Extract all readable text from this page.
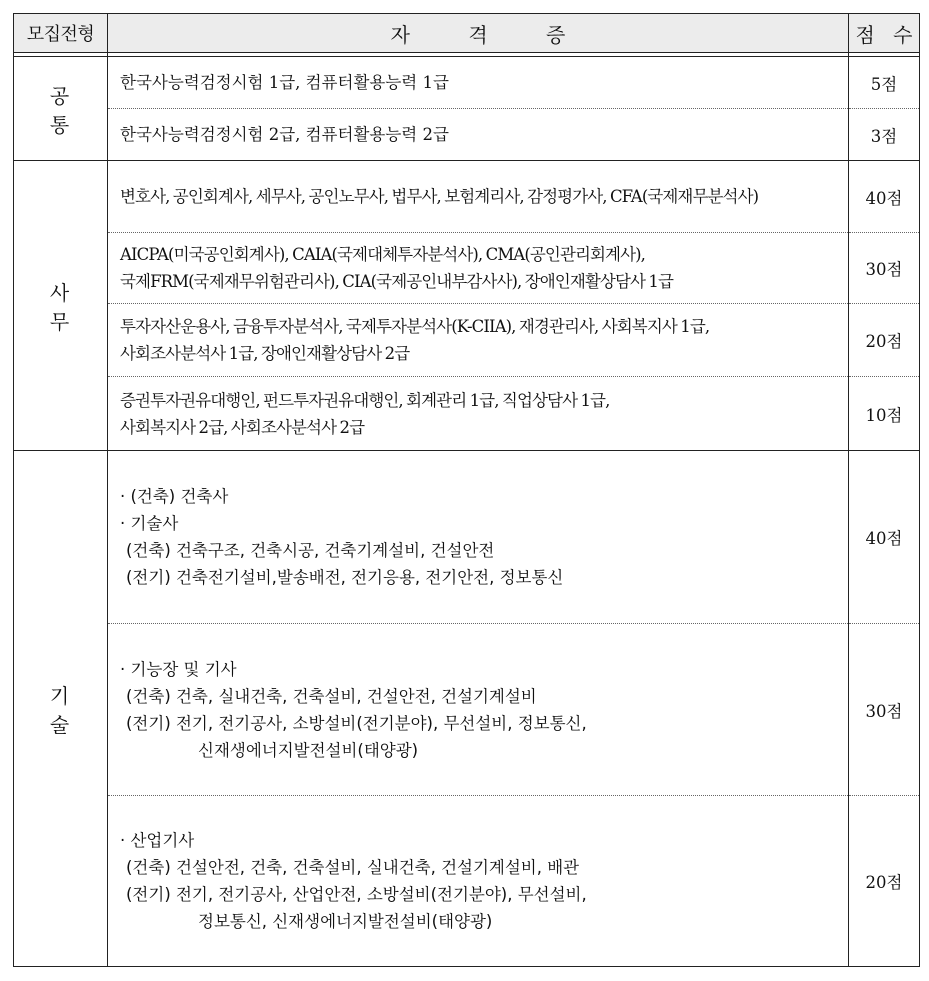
모집전형	자 격 증	점 수

공 통	한국사능력검정시험 1급, 컴퓨터활용능력 1급	5점
	한국사능력검정시험 2급, 컴퓨터활용능력 2급	3점
사 무	변호사, 공인회계사, 세무사, 공인노무사, 법무사, 보험계리사, 감정평가사, CFA(국제재무분석사)	40점

	AICPA(미국공인회계사), CAIA(국제대체투자분석사), CMA(공인관리회계사),
국제FRM(국제재무위험관리사), CIA(국제공인내부감사사), 장애인재활상담사 1급	30점

	투자자산운용사, 금융투자분석사, 국제투자분석사(K-CIIA), 재경관리사, 사회복지사 1급,
사회조사분석사 1급, 장애인재활상담사 2급	20점

	증권투자권유대행인, 펀드투자권유대행인, 회계관리 1급, 직업상담사 1급,
사회복지사 2급, 사회조사분석사 2급	10점
기 술	· (건축) 건축사
· 기술사
(건축) 건축구조, 건축시공, 건축기계설비, 건설안전
(전기) 건축전기설비,발송배전, 전기응용, 전기안전, 정보통신	40점

	· 기능장 및 기사
(건축) 건축, 실내건축, 건축설비, 건설안전, 건설기계설비
(전기) 전기, 전기공사, 소방설비(전기분야), 무선설비, 정보통신,
신재생에너지발전설비(태양광)	30점

	· 산업기사
(건축) 건설안전, 건축, 건축설비, 실내건축, 건설기계설비, 배관
(전기) 전기, 전기공사, 산업안전, 소방설비(전기분야), 무선설비,
정보통신, 신재생에너지발전설비(태양광)	20점
